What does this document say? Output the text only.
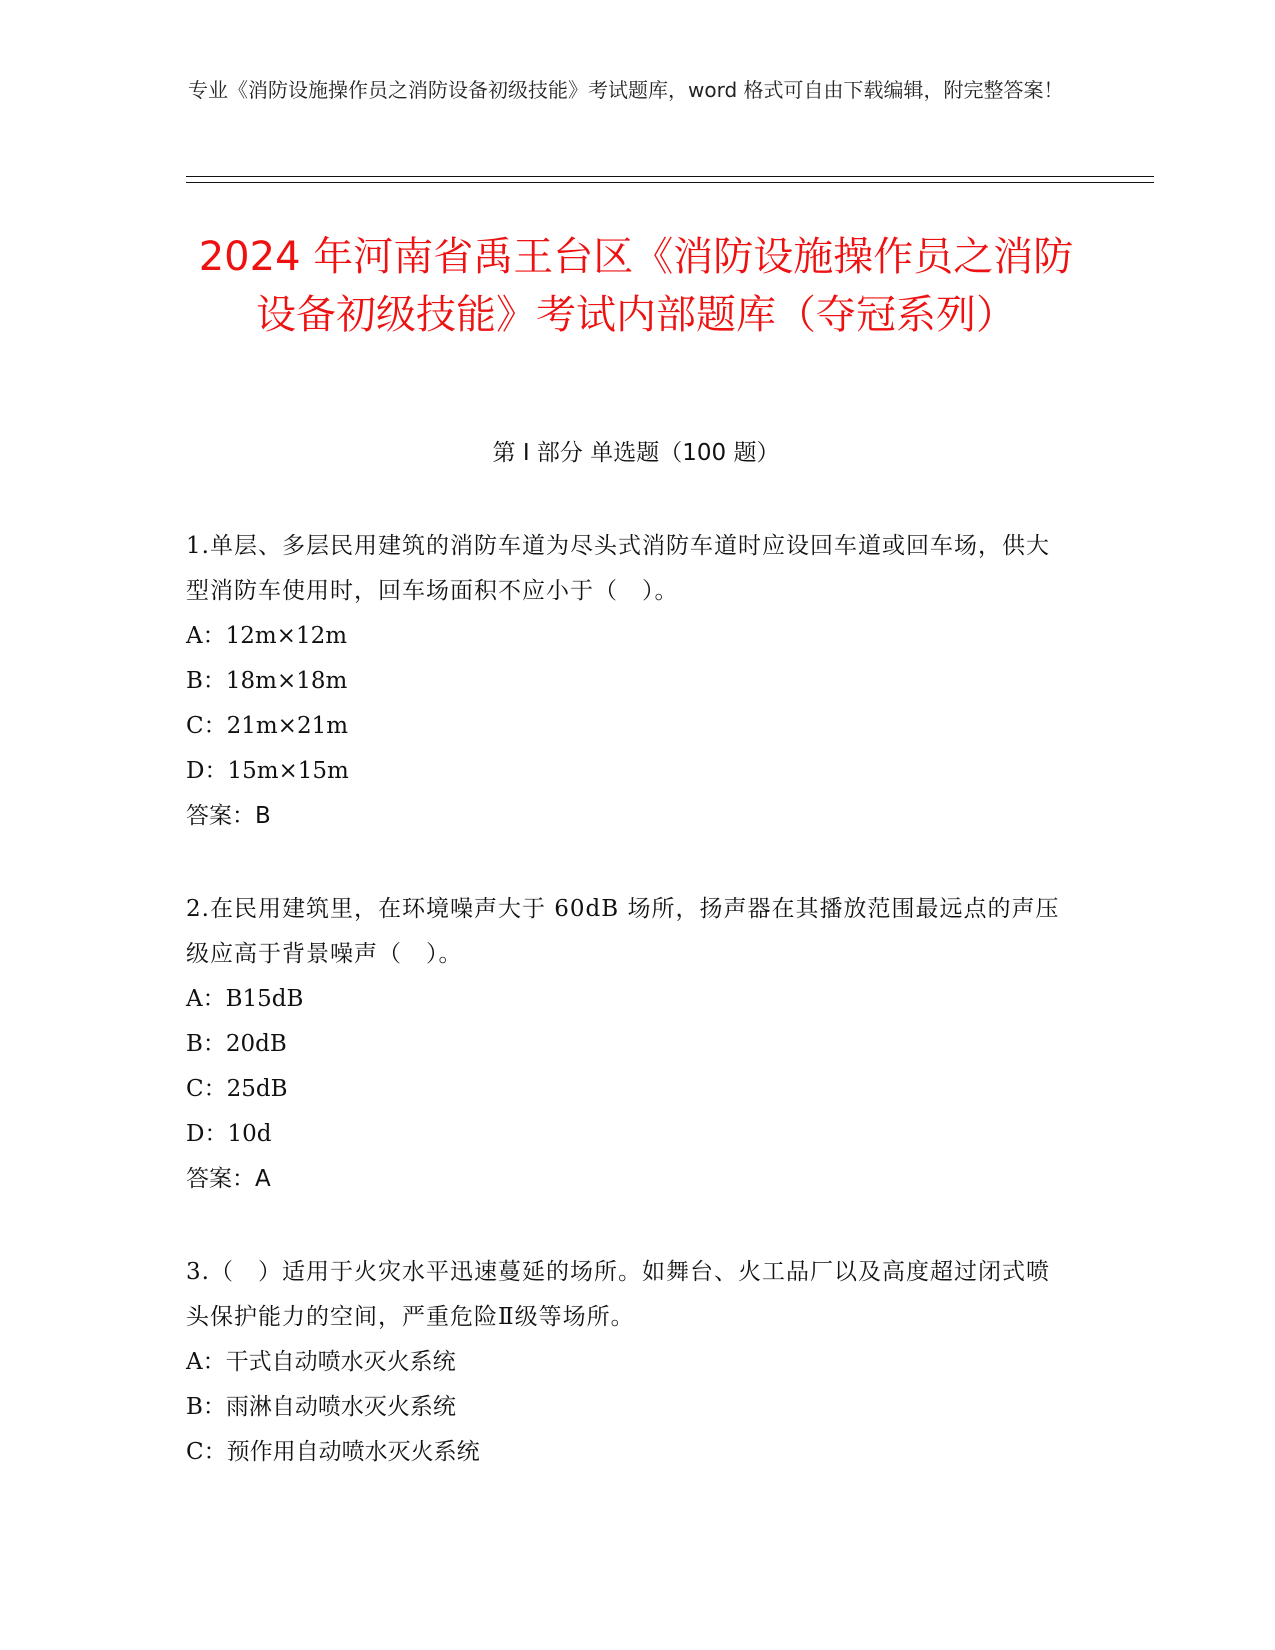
专业《消防设施操作员之消防设备初级技能》考试题库，word 格式可自由下载编辑，附完整答案！
2024 年河南省禹王台区《消防设施操作员之消防设备初级技能》考试内部题库（夺冠系列）
第 I 部分 单选题（100 题）
1.单层、多层民用建筑的消防车道为尽头式消防车道时应设回车道或回车场，供大型消防车使用时，回车场面积不应小于（　）。
A：12m×12m
B：18m×18m
C：21m×21m
D：15m×15m
答案：B
2.在民用建筑里，在环境噪声大于 60dB 场所，扬声器在其播放范围最远点的声压级应高于背景噪声（　）。
A：B15dB
B：20dB
C：25dB
D：10d
答案：A
3.（　）适用于火灾水平迅速蔓延的场所。如舞台、火工品厂以及高度超过闭式喷头保护能力的空间，严重危险Ⅱ级等场所。
A：干式自动喷水灭火系统
B：雨淋自动喷水灭火系统
C：预作用自动喷水灭火系统
